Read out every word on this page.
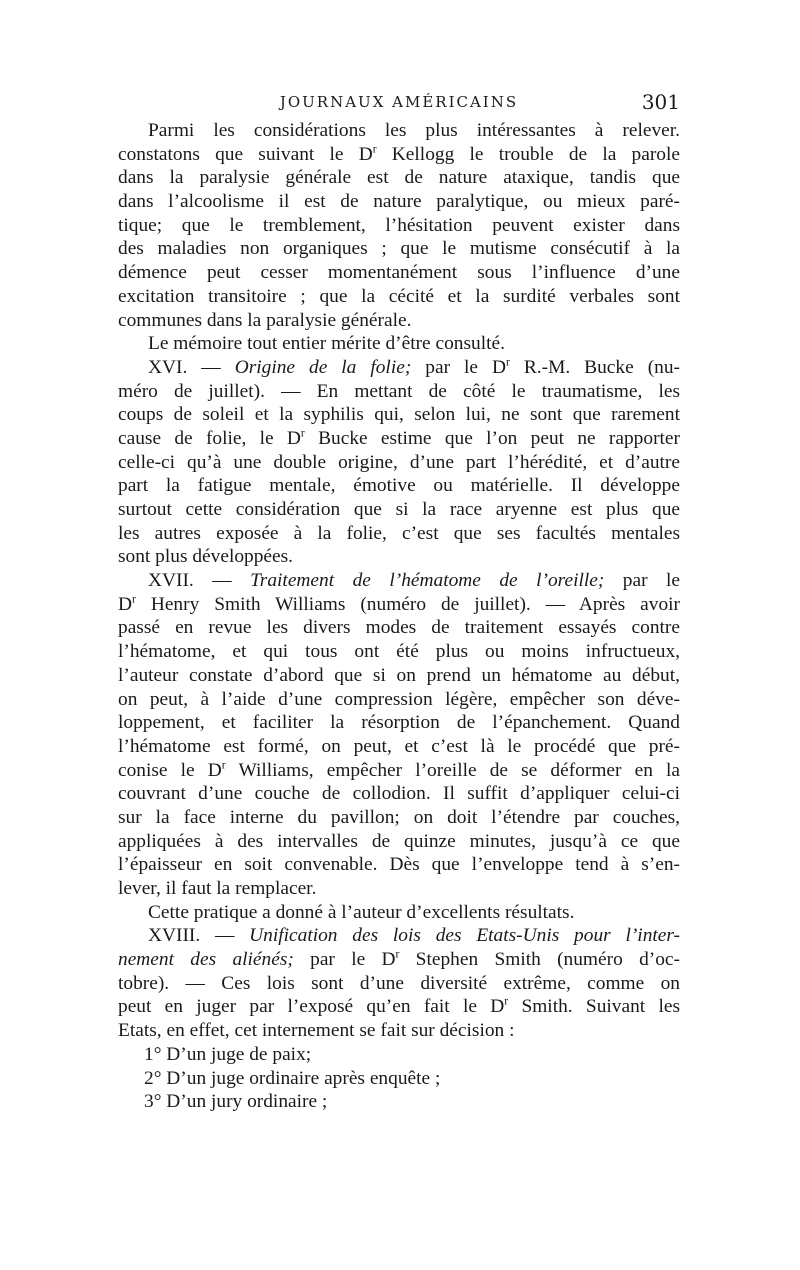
JOURNAUX AMÉRICAINS	301
Parmi les considérations les plus intéressantes à relever.
constatons que suivant le $D^r$ Kellogg le trouble de la parole
dans la paralysie générale est de nature ataxique, tandis que
dans l’alcoolisme il est de nature paralytique, ou mieux paré-
tique; que le tremblement, l’hésitation peuvent exister dans
des maladies non organiques ; que le mutisme consécutif à la
démence peut cesser momentanément sous l’influence d’une
excitation transitoire ; que la cécité et la surdité verbales sont
communes dans la paralysie générale.
Le mémoire tout entier mérite d’être consulté.
XVI. — Origine de la folie; par le $D^r$ R.-M. Bucke (nu-
méro de juillet). — En mettant de côté le traumatisme, les
coups de soleil et la syphilis qui, selon lui, ne sont que rarement
cause de folie, le $D^r$ Bucke estime que l’on peut ne rapporter
celle-ci qu’à une double origine, d’une part l’hérédité, et d’autre
part la fatigue mentale, émotive ou matérielle. Il développe
surtout cette considération que si la race aryenne est plus que
les autres exposée à la folie, c’est que ses facultés mentales
sont plus développées.
XVII. — Traitement de l’hématome de l’oreille; par le
$D^r$ Henry Smith Williams (numéro de juillet). — Après avoir
passé en revue les divers modes de traitement essayés contre
l’hématome, et qui tous ont été plus ou moins infructueux,
l’auteur constate d’abord que si on prend un hématome au début,
on peut, à l’aide d’une compression légère, empêcher son déve-
loppement, et faciliter la résorption de l’épanchement. Quand
l’hématome est formé, on peut, et c’est là le procédé que pré-
conise le $D^r$ Williams, empêcher l’oreille de se déformer en la
couvrant d’une couche de collodion. Il suffit d’appliquer celui-ci
sur la face interne du pavillon; on doit l’étendre par couches,
appliquées à des intervalles de quinze minutes, jusqu’à ce que
l’épaisseur en soit convenable. Dès que l’enveloppe tend à s’en-
lever, il faut la remplacer.
Cette pratique a donné à l’auteur d’excellents résultats.
XVIII. — Unification des lois des Etats-Unis pour l’inter-
nement des aliénés; par le $D^r$ Stephen Smith (numéro d’oc-
tobre). — Ces lois sont d’une diversité extrême, comme on
peut en juger par l’exposé qu’en fait le $D^r$ Smith. Suivant les
Etats, en effet, cet internement se fait sur décision :
1° D’un juge de paix;
2° D’un juge ordinaire après enquête ;
3° D’un jury ordinaire ;
